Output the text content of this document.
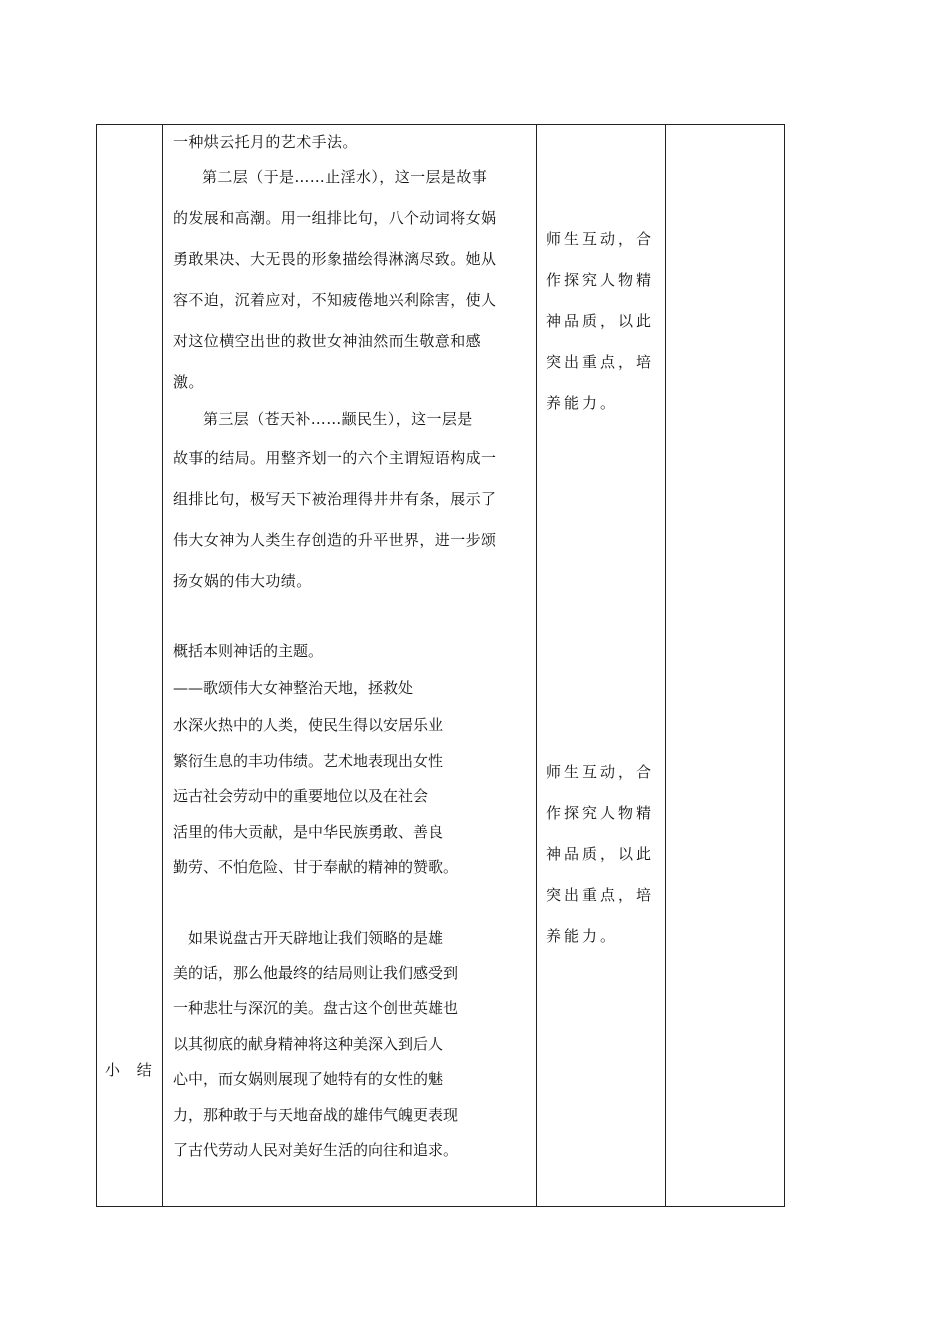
小 结
一种烘云托月的艺术手法。
第二层（于是……止淫水），这一层是故事
的发展和高潮。用一组排比句，八个动词将女娲
勇敢果决、大无畏的形象描绘得淋漓尽致。她从
容不迫，沉着应对，不知疲倦地兴利除害，使人
对这位横空出世的救世女神油然而生敬意和感
激。
第三层（苍天补……颛民生），这一层是
故事的结局。用整齐划一的六个主谓短语构成一
组排比句，极写天下被治理得井井有条，展示了
伟大女神为人类生存创造的升平世界，进一步颂
扬女娲的伟大功绩。
概括本则神话的主题。
——歌颂伟大女神整治天地，拯救处
水深火热中的人类，使民生得以安居乐业
繁衍生息的丰功伟绩。艺术地表现出女性
远古社会劳动中的重要地位以及在社会
活里的伟大贡献，是中华民族勇敢、善良
勤劳、不怕危险、甘于奉献的精神的赞歌。
如果说盘古开天辟地让我们领略的是雄
美的话，那么他最终的结局则让我们感受到
一种悲壮与深沉的美。盘古这个创世英雄也
以其彻底的献身精神将这种美深入到后人
心中，而女娲则展现了她特有的女性的魅
力，那种敢于与天地奋战的雄伟气魄更表现
了古代劳动人民对美好生活的向往和追求。
师生互动，合作探究人物精神品质，以此突出重点，培养能力。
师生互动，合作探究人物精神品质，以此突出重点，培养能力。
